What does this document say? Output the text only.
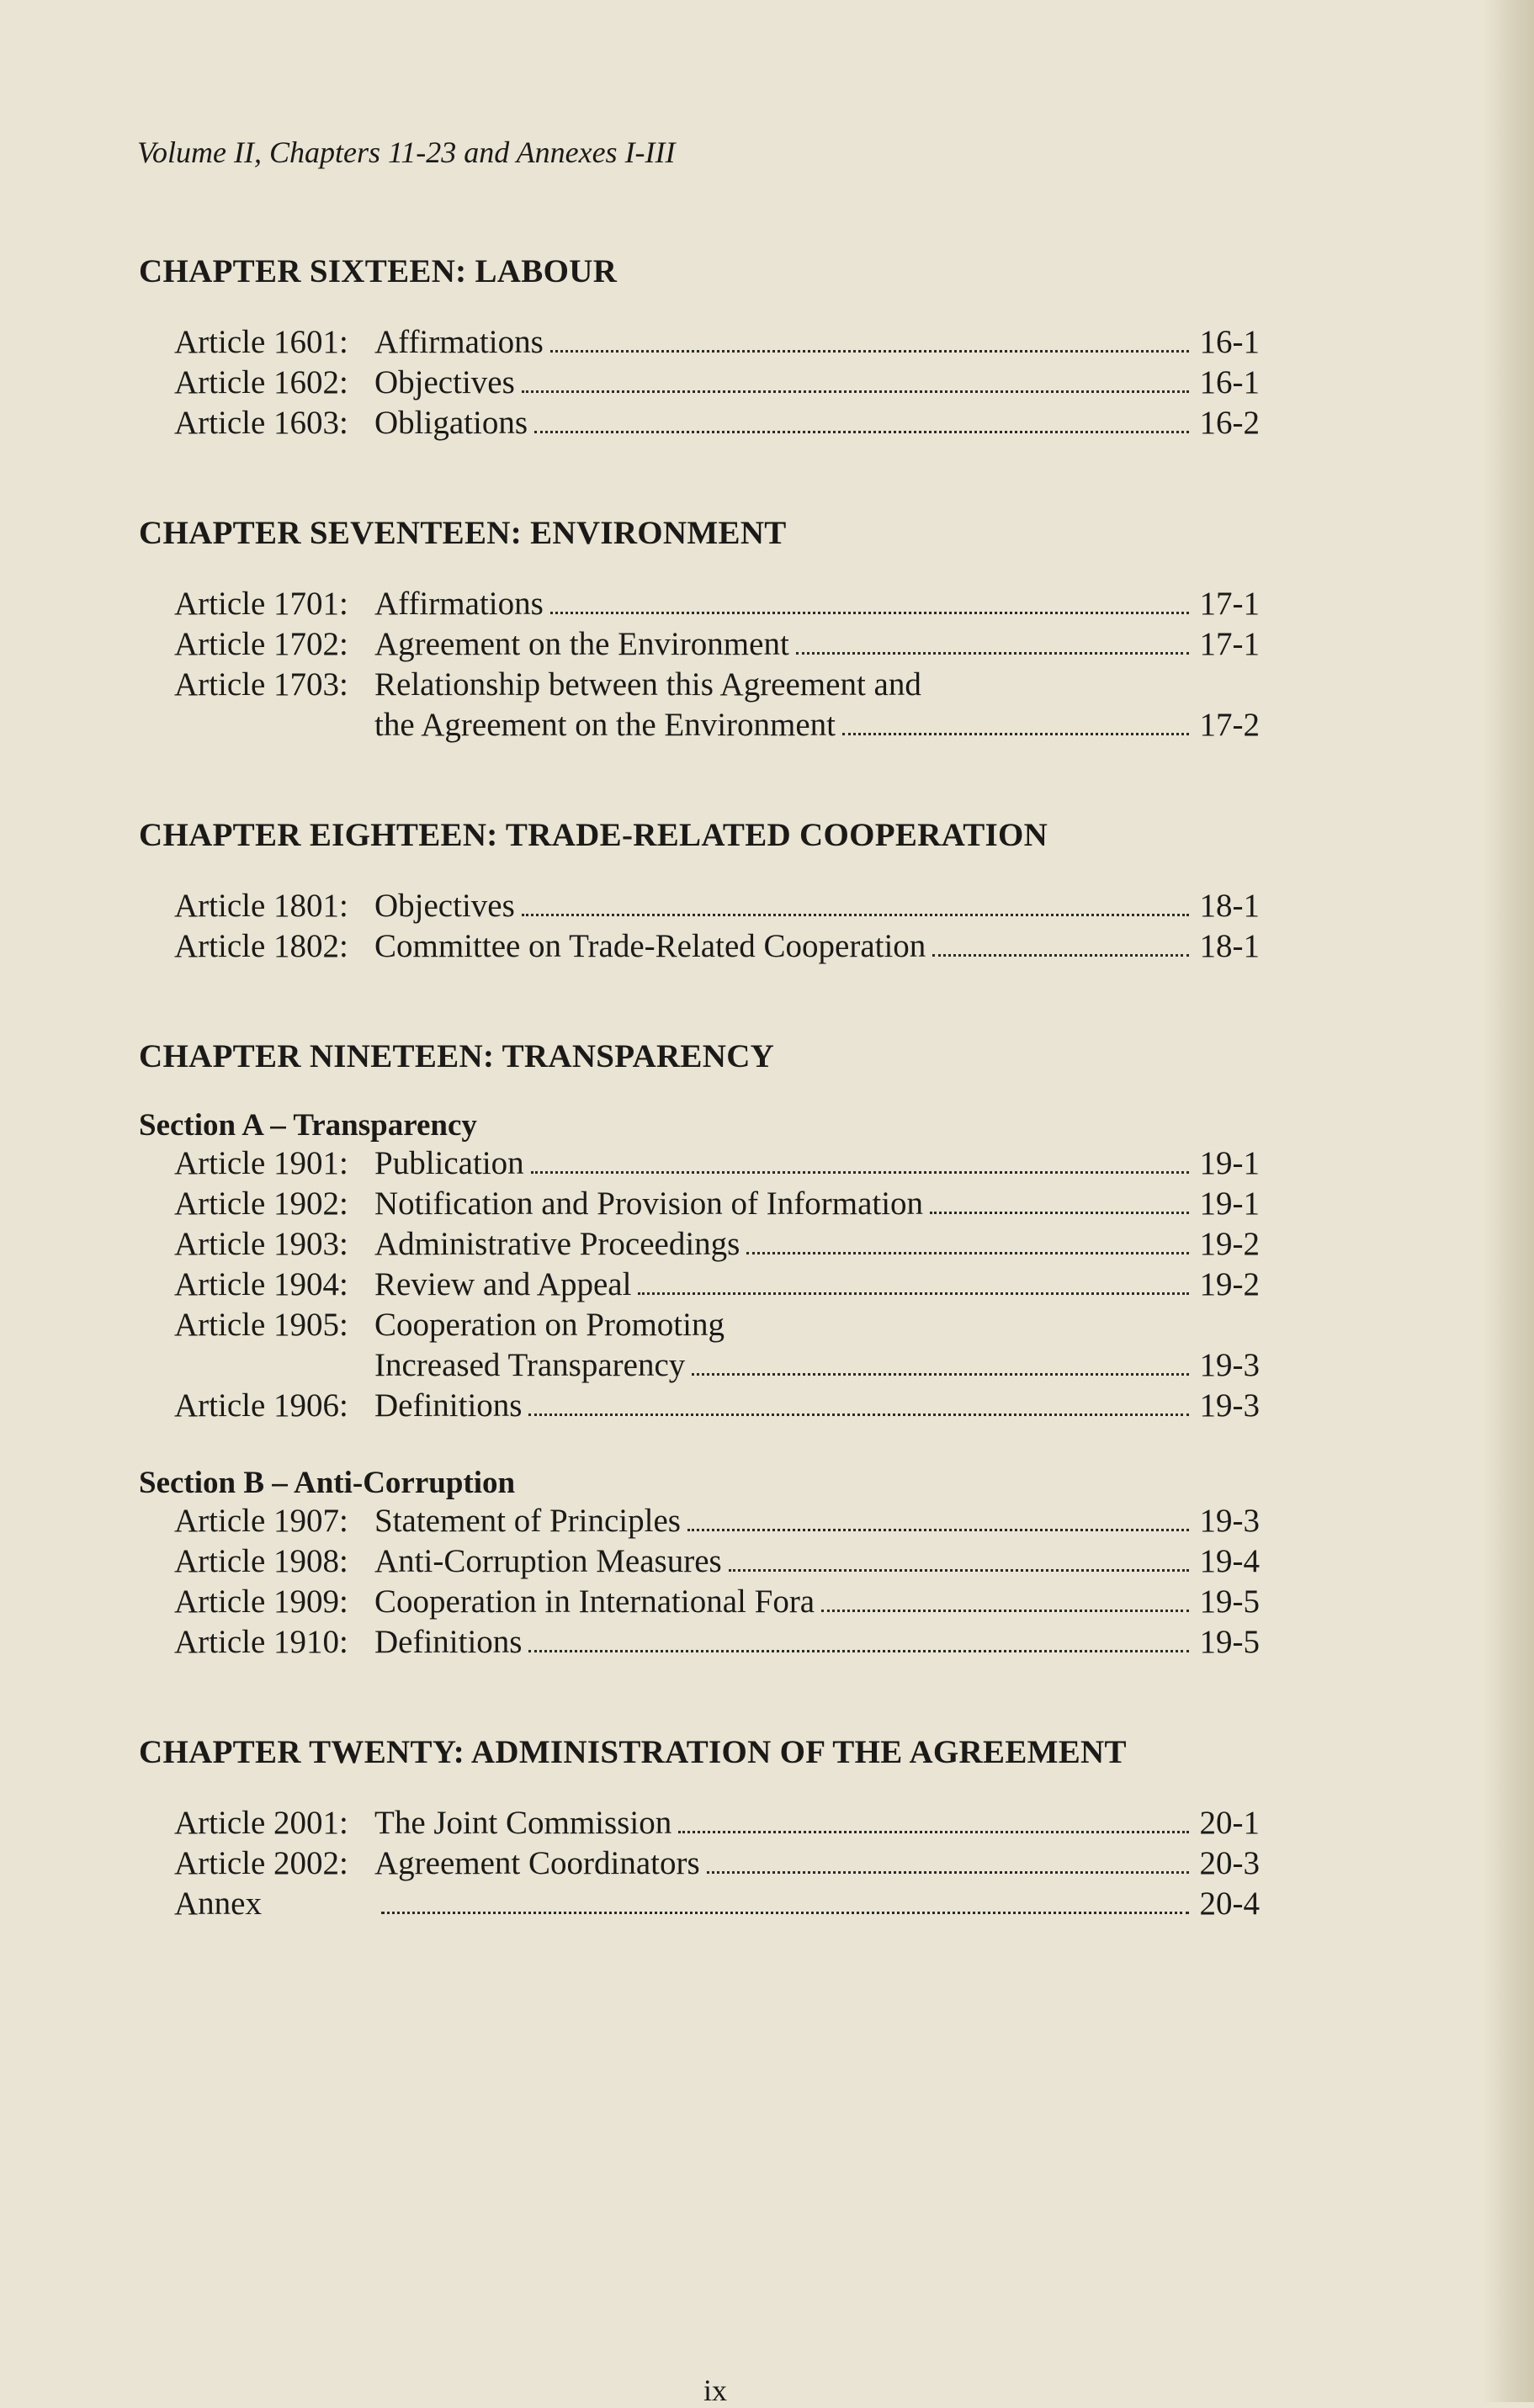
Volume II, Chapters 11-23 and Annexes I-III
CHAPTER SIXTEEN: LABOUR
Article 1601: Affirmations	16-1
Article 1602: Objectives	16-1
Article 1603: Obligations	16-2
CHAPTER SEVENTEEN: ENVIRONMENT
Article 1701: Affirmations	17-1
Article 1702: Agreement on the Environment	17-1
Article 1703: Relationship between this Agreement and
the Agreement on the Environment	17-2
CHAPTER EIGHTEEN: TRADE-RELATED COOPERATION
Article 1801: Objectives	18-1
Article 1802: Committee on Trade-Related Cooperation	18-1
CHAPTER NINETEEN: TRANSPARENCY
Section A – Transparency
Article 1901: Publication	19-1
Article 1902: Notification and Provision of Information	19-1
Article 1903: Administrative Proceedings	19-2
Article 1904: Review and Appeal	19-2
Article 1905: Cooperation on Promoting
Increased Transparency	19-3
Article 1906: Definitions	19-3
Section B – Anti-Corruption
Article 1907: Statement of Principles	19-3
Article 1908: Anti-Corruption Measures	19-4
Article 1909: Cooperation in International Fora	19-5
Article 1910: Definitions	19-5
CHAPTER TWENTY: ADMINISTRATION OF THE AGREEMENT
Article 2001: The Joint Commission	20-1
Article 2002: Agreement Coordinators	20-3
Annex	20-4
ix
